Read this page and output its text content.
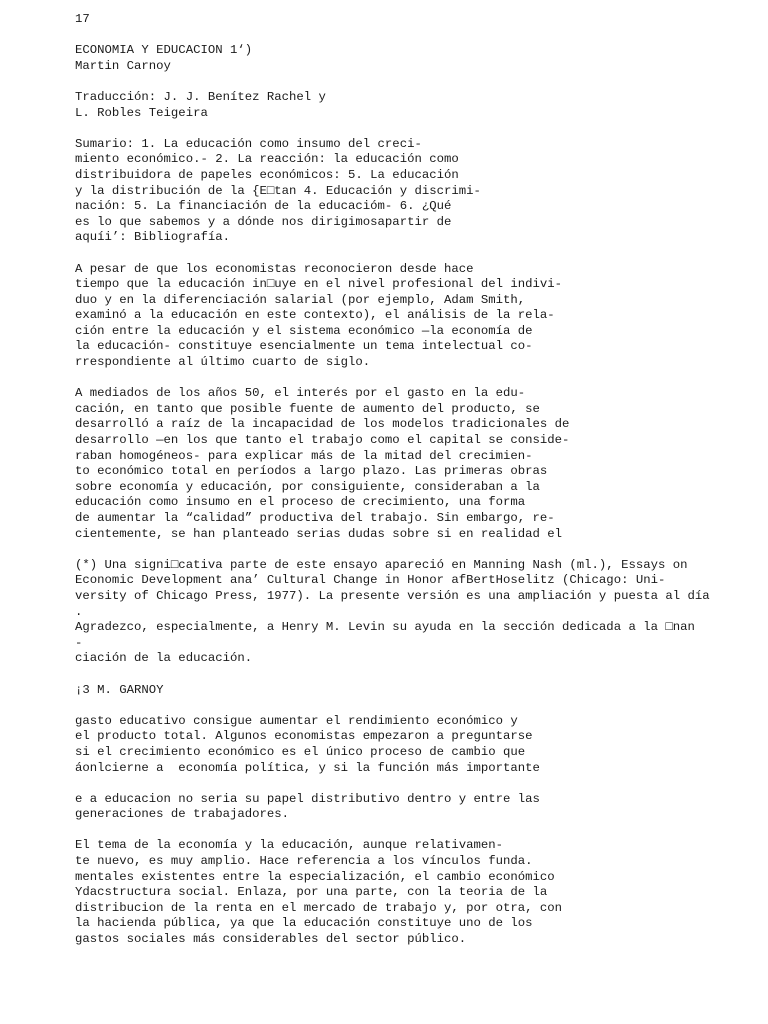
17
ECONOMIA Y EDUCACION 1‘)
Martin Carnoy
Traducción: J. J. Benítez Rachel y
L. Robles Teigeira
Sumario: 1. La educación como insumo del creci-
miento económico.- 2. La reacción: la educación como
distribuidora de papeles económicos: 5. La educación
y la distribución de la {E□tan 4. Educación y discrimi-
nación: 5. La financiación de la educacióm- 6. ¿Qué
es lo que sabemos y a dónde nos dirigimosapartir de
aquíi’: Bibliografía.
A pesar de que los economistas reconocieron desde hace
tiempo que la educación in□uye en el nivel profesional del indivi-
duo y en la diferenciación salarial (por ejemplo, Adam Smith,
examinó a la educación en este contexto), el análisis de la rela-
ción entre la educación y el sistema económico —la economía de
la educación- constituye esencialmente un tema intelectual co-
rrespondiente al último cuarto de siglo.
A mediados de los años 50, el interés por el gasto en la edu-
cación, en tanto que posible fuente de aumento del producto, se
desarrolló a raíz de la incapacidad de los modelos tradicionales de
desarrollo —en los que tanto el trabajo como el capital se conside-
raban homogéneos- para explicar más de la mitad del crecimien-
to económico total en períodos a largo plazo. Las primeras obras
sobre economía y educación, por consiguiente, consideraban a la
educación como insumo en el proceso de crecimiento, una forma
de aumentar la “calidad” productiva del trabajo. Sin embargo, re-
cientemente, se han planteado serias dudas sobre si en realidad el
(*) Una signi□cativa parte de este ensayo apareció en Manning Nash (ml.), Essays on
Economic Development ana’ Cultural Change in Honor afBertHoselitz (Chicago: Uni-
versity of Chicago Press, 1977). La presente versión es una ampliación y puesta al día
.
Agradezco, especialmente, a Henry M. Levin su ayuda en la sección dedicada a la □nan
-
ciación de la educación.
¡3 M. GARNOY
gasto educativo consigue aumentar el rendimiento económico y
el producto total. Algunos economistas empezaron a preguntarse
si el crecimiento económico es el único proceso de cambio que
áonlcierne a  economía política, y si la función más importante
e a educacion no seria su papel distributivo dentro y entre las
generaciones de trabajadores.
El tema de la economía y la educación, aunque relativamen-
te nuevo, es muy amplio. Hace referencia a los vínculos funda.
mentales existentes entre la especialización, el cambio económico
Ydacstructura social. Enlaza, por una parte, con la teoria de la
distribucion de la renta en el mercado de trabajo y, por otra, con
la hacienda pública, ya que la educación constituye uno de los
gastos sociales más considerables del sector público.
